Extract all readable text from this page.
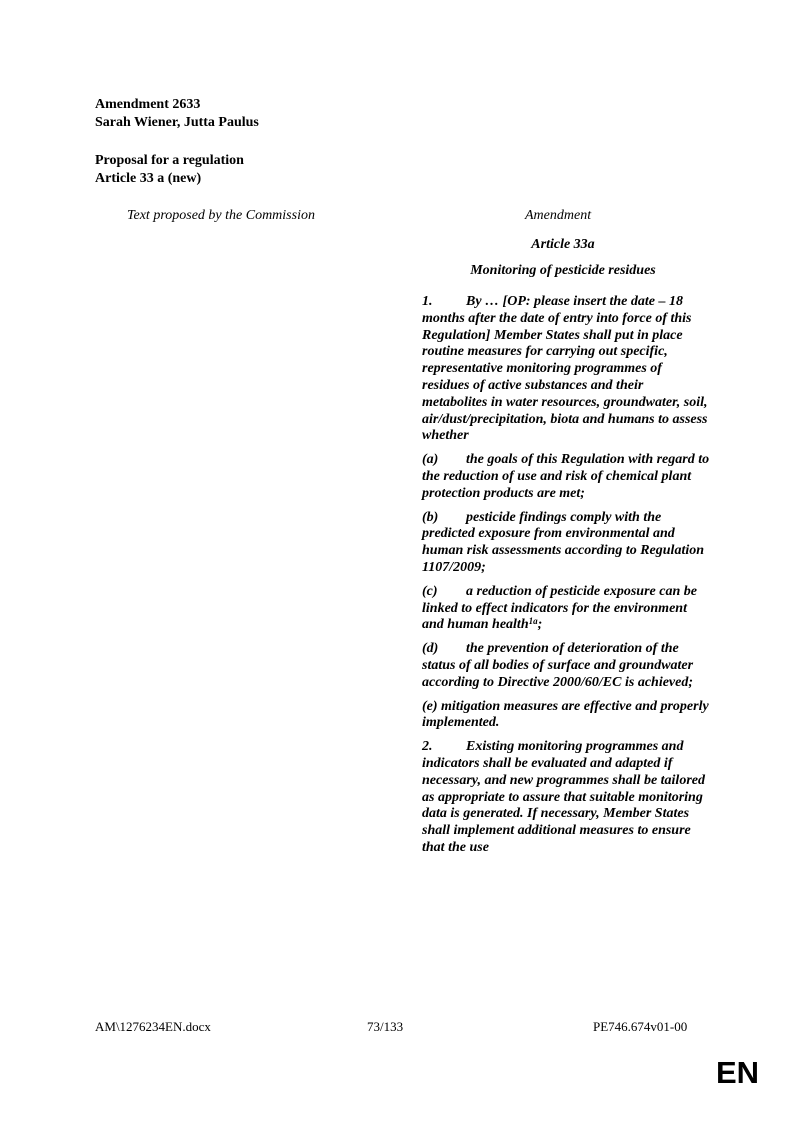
Amendment 2633
Sarah Wiener, Jutta Paulus
Proposal for a regulation
Article 33 a (new)
Text proposed by the Commission	Amendment
Article 33a
Monitoring of pesticide residues

1. By … [OP: please insert the date – 18 months after the date of entry into force of this Regulation] Member States shall put in place routine measures for carrying out specific, representative monitoring programmes of residues of active substances and their metabolites in water resources, groundwater, soil, air/dust/precipitation, biota and humans to assess whether

(a) the goals of this Regulation with regard to the reduction of use and risk of chemical plant protection products are met;

(b) pesticide findings comply with the predicted exposure from environmental and human risk assessments according to Regulation 1107/2009;

(c) a reduction of pesticide exposure can be linked to effect indicators for the environment and human health$^{1a}$;

(d) the prevention of deterioration of the status of all bodies of surface and groundwater according to Directive 2000/60/EC is achieved;

(e) mitigation measures are effective and properly implemented.

2. Existing monitoring programmes and indicators shall be evaluated and adapted if necessary, and new programmes shall be tailored as appropriate to assure that suitable monitoring data is generated. If necessary, Member States shall implement additional measures to ensure that the use

AM\1276234EN.docx	73/133	PE746.674v01-00
EN
